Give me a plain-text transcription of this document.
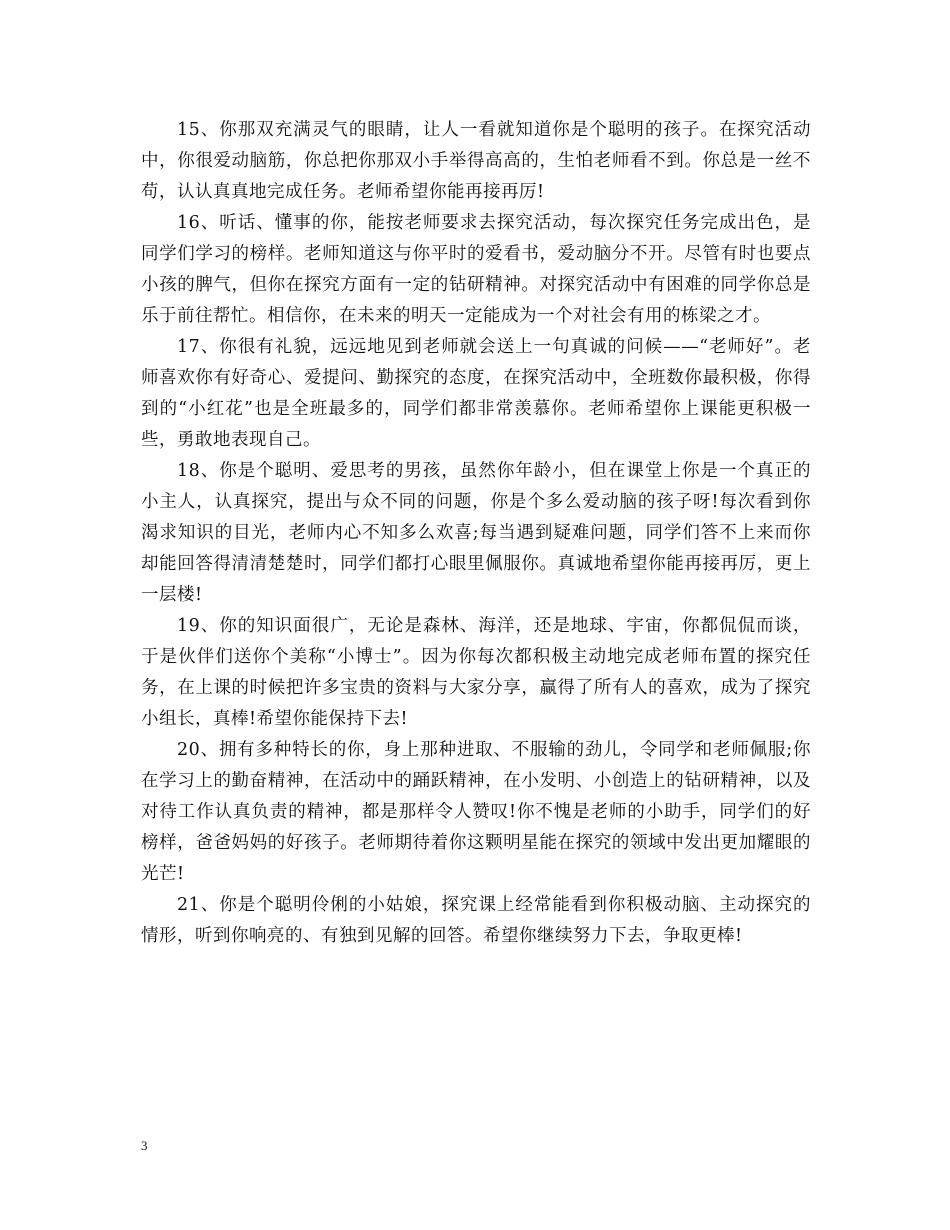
15、你那双充满灵气的眼睛，让人一看就知道你是个聪明的孩子。在探究活动中，你很爱动脑筋，你总把你那双小手举得高高的，生怕老师看不到。你总是一丝不苟，认认真真地完成任务。老师希望你能再接再厉!

16、听话、懂事的你，能按老师要求去探究活动，每次探究任务完成出色，是同学们学习的榜样。老师知道这与你平时的爱看书，爱动脑分不开。尽管有时也要点小孩的脾气，但你在探究方面有一定的钻研精神。对探究活动中有困难的同学你总是乐于前往帮忙。相信你，在未来的明天一定能成为一个对社会有用的栋梁之才。

17、你很有礼貌，远远地见到老师就会送上一句真诚的问候——“老师好”。老师喜欢你有好奇心、爱提问、勤探究的态度，在探究活动中，全班数你最积极，你得到的“小红花”也是全班最多的，同学们都非常羡慕你。老师希望你上课能更积极一些，勇敢地表现自己。

18、你是个聪明、爱思考的男孩，虽然你年龄小，但在课堂上你是一个真正的小主人，认真探究，提出与众不同的问题，你是个多么爱动脑的孩子呀!每次看到你渴求知识的目光，老师内心不知多么欢喜;每当遇到疑难问题，同学们答不上来而你却能回答得清清楚楚时，同学们都打心眼里佩服你。真诚地希望你能再接再厉，更上一层楼!

19、你的知识面很广，无论是森林、海洋，还是地球、宇宙，你都侃侃而谈，于是伙伴们送你个美称“小博士”。因为你每次都积极主动地完成老师布置的探究任务，在上课的时候把许多宝贵的资料与大家分享，赢得了所有人的喜欢，成为了探究小组长，真棒!希望你能保持下去!

20、拥有多种特长的你，身上那种进取、不服输的劲儿，令同学和老师佩服;你在学习上的勤奋精神，在活动中的踊跃精神，在小发明、小创造上的钻研精神，以及对待工作认真负责的精神，都是那样令人赞叹!你不愧是老师的小助手，同学们的好榜样，爸爸妈妈的好孩子。老师期待着你这颗明星能在探究的领域中发出更加耀眼的光芒!

21、你是个聪明伶俐的小姑娘，探究课上经常能看到你积极动脑、主动探究的情形，听到你响亮的、有独到见解的回答。希望你继续努力下去，争取更棒!

3
